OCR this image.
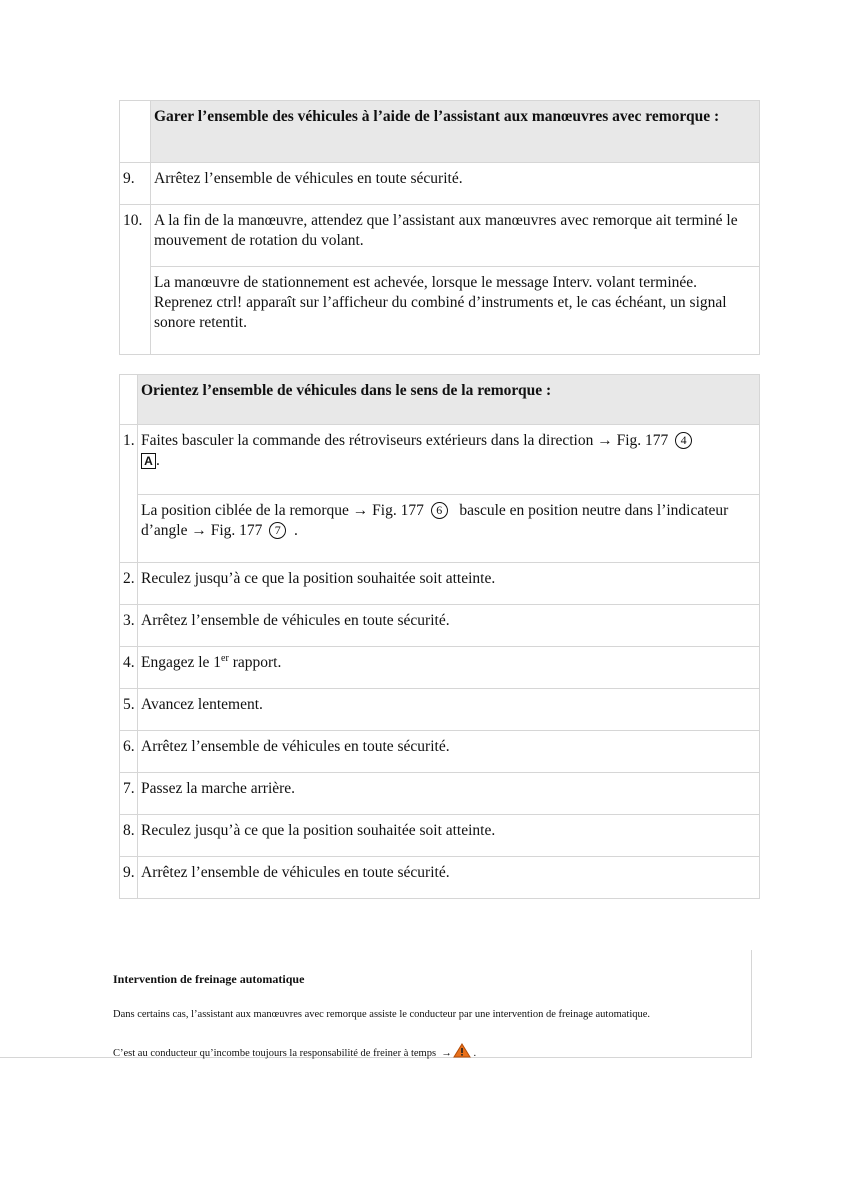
	Garer l’ensemble des véhicules à l’aide de l’assistant aux manœuvres avec remorque :
9.	Arrêtez l’ensemble de véhicules en toute sécurité.
10.	A la fin de la manœuvre, attendez que l’assistant aux manœuvres avec remorque ait terminé le mouvement de rotation du volant.
	La manœuvre de stationnement est achevée, lorsque le message Interv. volant terminée. Reprenez ctrl! apparaît sur l’afficheur du combiné d’instruments et, le cas échéant, un signal sonore retentit.
	Orientez l’ensemble de véhicules dans le sens de la remorque :
1.	Faites basculer la commande des rétroviseurs extérieurs dans la direction → Fig. 177 4
A .
	La position ciblée de la remorque → Fig. 177 6 bascule en position neutre dans l’indicateur d’angle → Fig. 177 7 .
2.	Reculez jusqu’à ce que la position souhaitée soit atteinte.
3.	Arrêtez l’ensemble de véhicules en toute sécurité.
4.	Engagez le 1er rapport.
5.	Avancez lentement.
6.	Arrêtez l’ensemble de véhicules en toute sécurité.
7.	Passez la marche arrière.
8.	Reculez jusqu’à ce que la position souhaitée soit atteinte.
9.	Arrêtez l’ensemble de véhicules en toute sécurité.
Intervention de freinage automatique
Dans certains cas, l’assistant aux manœuvres avec remorque assiste le conducteur par une intervention de freinage automatique.
C’est au conducteur qu’incombe toujours la responsabilité de freiner à temps → .
